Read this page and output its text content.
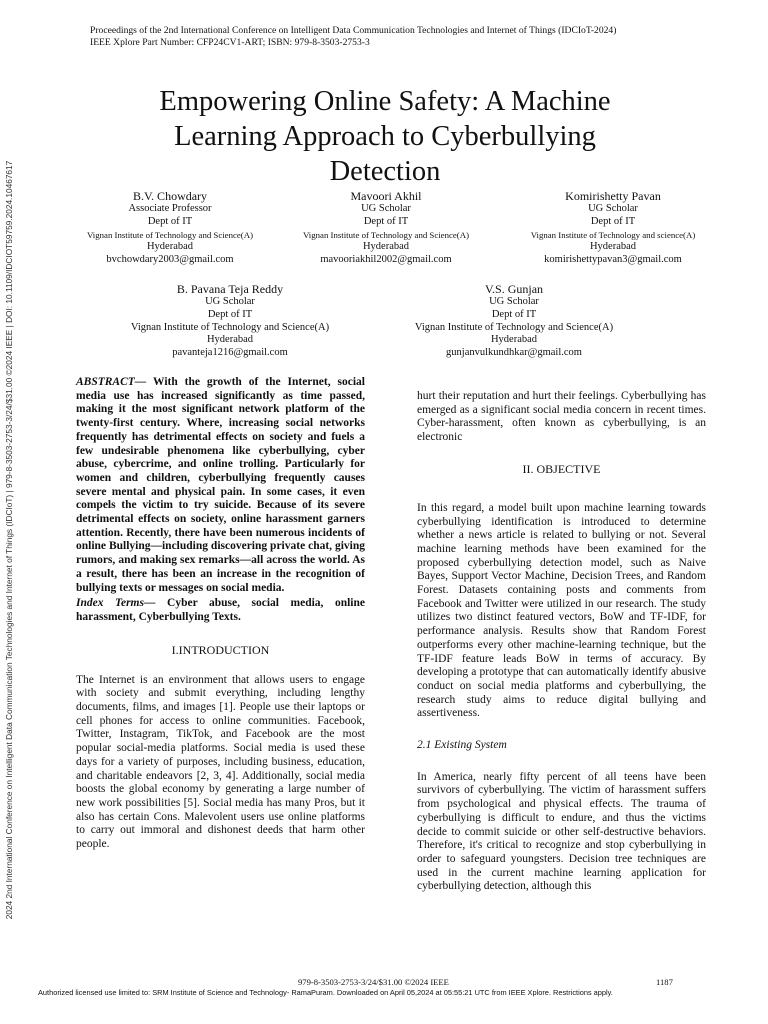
Proceedings of the 2nd International Conference on Intelligent Data Communication Technologies and Internet of Things (IDCIoT-2024)
IEEE Xplore Part Number: CFP24CV1-ART; ISBN: 979-8-3503-2753-3
2024 2nd International Conference on Intelligent Data Communication Technologies and Internet of Things (IDCIoT) | 979-8-3503-2753-3/24/$31.00 ©2024 IEEE | DOI: 10.1109/IDCIOT59759.2024.10467617
Empowering Online Safety: A Machine
Learning Approach to Cyberbullying
Detection
B.V. Chowdary
Associate Professor
Dept of IT
Vignan Institute of Technology and Science(A)
Hyderabad
bvchowdary2003@gmail.com
Mavoori Akhil
UG Scholar
Dept of IT
Vignan Institute of Technology and Science(A)
Hyderabad
mavooriakhil2002@gmail.com
Komirishetty Pavan
UG Scholar
Dept of IT
Vignan Institute of Technology and science(A)
Hyderabad
komirishettypavan3@gmail.com
B. Pavana Teja Reddy
UG Scholar
Dept of IT
Vignan Institute of Technology and Science(A)
Hyderabad
pavanteja1216@gmail.com
V.S. Gunjan
UG Scholar
Dept of IT
Vignan Institute of Technology and Science(A)
Hyderabad
gunjanvulkundhkar@gmail.com

ABSTRACT— With the growth of the Internet, social media use has increased significantly as time passed, making it the most significant network platform of the twenty-first century. Where, increasing social networks frequently has detrimental effects on society and fuels a few undesirable phenomena like cyberbullying, cyber abuse, cybercrime, and online trolling. Particularly for women and children, cyberbullying frequently causes severe mental and physical pain. In some cases, it even compels the victim to try suicide. Because of its severe detrimental effects on society, online harassment garners attention. Recently, there have been numerous incidents of online Bullying—including discovering private chat, giving rumors, and making sex remarks—all across the world. As a result, there has been an increase in the recognition of bullying texts or messages on social media.

Index Terms— Cyber abuse, social media, online harassment, Cyberbullying Texts.

I.INTRODUCTION

The Internet is an environment that allows users to engage with society and submit everything, including lengthy documents, films, and images [1]. People use their laptops or cell phones for access to online communities. Facebook, Twitter, Instagram, TikTok, and Facebook are the most popular social-media platforms. Social media is used these days for a variety of purposes, including business, education, and charitable endeavors [2, 3, 4]. Additionally, social media boosts the global economy by generating a large number of new work possibilities [5]. Social media has many Pros, but it also has certain Cons. Malevolent users use online platforms to carry out immoral and dishonest deeds that harm other people.

hurt their reputation and hurt their feelings. Cyberbullying has emerged as a significant social media concern in recent times. Cyber-harassment, often known as cyberbullying, is an electronic

II. OBJECTIVE

In this regard, a model built upon machine learning towards cyberbullying identification is introduced to determine whether a news article is related to bullying or not. Several machine learning methods have been examined for the proposed cyberbullying detection model, such as Naive Bayes, Support Vector Machine, Decision Trees, and Random Forest. Datasets containing posts and comments from Facebook and Twitter were utilized in our research. The study utilizes two distinct featured vectors, BoW and TF-IDF, for performance analysis. Results show that Random Forest outperforms every other machine-learning technique, but the TF-IDF feature leads BoW in terms of accuracy. By developing a prototype that can automatically identify abusive conduct on social media platforms and cyberbullying, the research study aims to reduce digital bullying and assertiveness.

2.1 Existing System

In America, nearly fifty percent of all teens have been survivors of cyberbullying. The victim of harassment suffers from psychological and physical effects. The trauma of cyberbullying is difficult to endure, and thus the victims decide to commit suicide or other self-destructive behaviors. Therefore, it's critical to recognize and stop cyberbullying in order to safeguard youngsters. Decision tree techniques are used in the current machine learning application for cyberbullying detection, although this

979-8-3503-2753-3/24/$31.00 ©2024 IEEE	1187
Authorized licensed use limited to: SRM Institute of Science and Technology- RamaPuram. Downloaded on April 05,2024 at 05:55:21 UTC from IEEE Xplore. Restrictions apply.
